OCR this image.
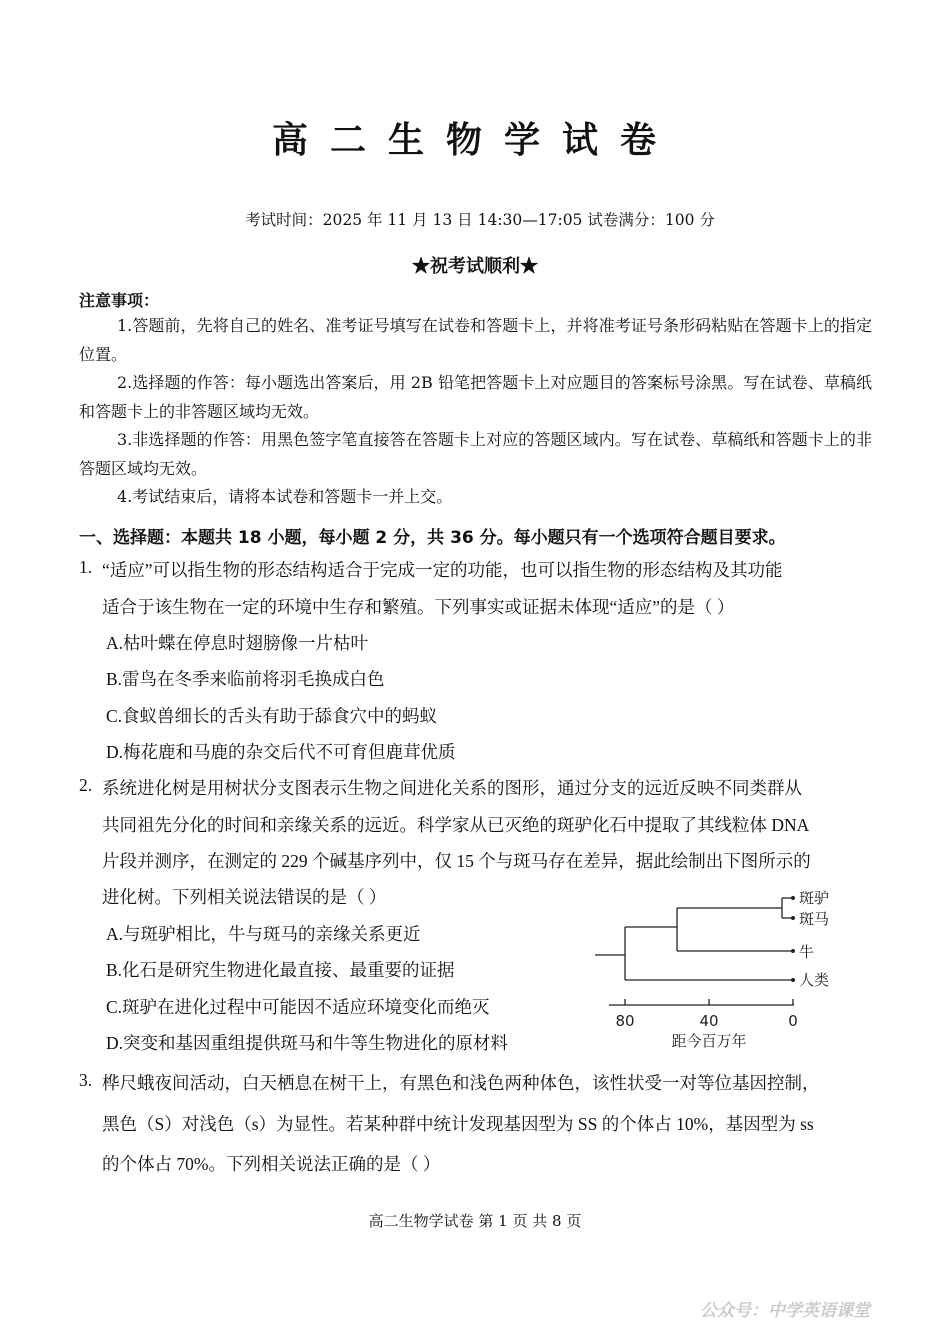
高二生物学试卷
考试时间：2025 年 11 月 13 日 14:30—17:05 试卷满分：100 分
★祝考试顺利★
注意事项：
1.答题前，先将自己的姓名、准考证号填写在试卷和答题卡上，并将准考证号条形码粘贴在答题卡上的指定位置。
2.选择题的作答：每小题选出答案后，用 2B 铅笔把答题卡上对应题目的答案标号涂黑。写在试卷、草稿纸和答题卡上的非答题区域均无效。
3.非选择题的作答：用黑色签字笔直接答在答题卡上对应的答题区域内。写在试卷、草稿纸和答题卡上的非答题区域均无效。
4.考试结束后，请将本试卷和答题卡一并上交。
一、选择题：本题共 18 小题，每小题 2 分，共 36 分。每小题只有一个选项符合题目要求。
1. “适应”可以指生物的形态结构适合于完成一定的功能，也可以指生物的形态结构及其功能
适合于该生物在一定的环境中生存和繁殖。下列事实或证据未体现“适应”的是（ ）
A.枯叶蝶在停息时翅膀像一片枯叶
B.雷鸟在冬季来临前将羽毛换成白色
C.食蚁兽细长的舌头有助于舔食穴中的蚂蚁
D.梅花鹿和马鹿的杂交后代不可育但鹿茸优质
2. 系统进化树是用树状分支图表示生物之间进化关系的图形，通过分支的远近反映不同类群从
共同祖先分化的时间和亲缘关系的远近。科学家从已灭绝的斑驴化石中提取了其线粒体 DNA
片段并测序，在测定的 229 个碱基序列中，仅 15 个与斑马存在差异，据此绘制出下图所示的
进化树。下列相关说法错误的是（ ）
A.与斑驴相比，牛与斑马的亲缘关系更近
B.化石是研究生物进化最直接、最重要的证据
C.斑驴在进化过程中可能因不适应环境变化而绝灭
D.突变和基因重组提供斑马和牛等生物进化的原材料
斑驴
斑马
牛
人类
80	40	0
距今百万年
3. 桦尺蛾夜间活动，白天栖息在树干上，有黑色和浅色两种体色，该性状受一对等位基因控制，
黑色（S）对浅色（s）为显性。若某种群中统计发现基因型为 SS 的个体占 10%，基因型为 ss
的个体占 70%。下列相关说法正确的是（ ）
高二生物学试卷 第 1 页 共 8 页
公众号：中学英语课堂
